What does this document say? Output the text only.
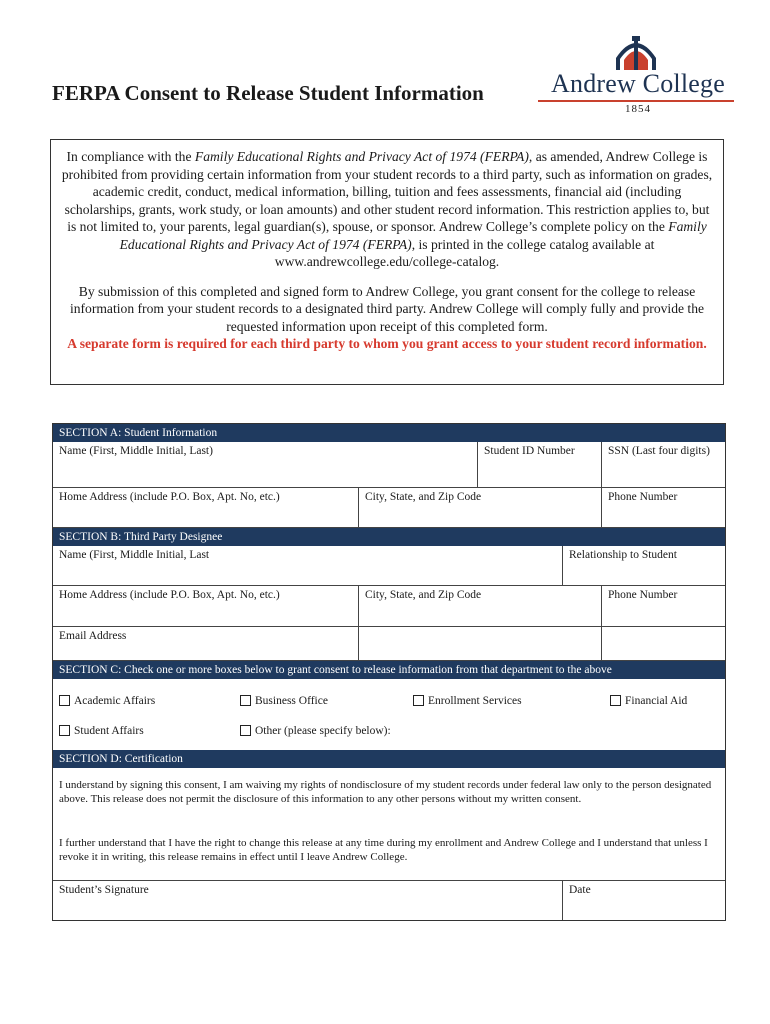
FERPA Consent to Release Student Information	Andrew College
1854

In compliance with the Family Educational Rights and Privacy Act of 1974 (FERPA), as amended, Andrew College is prohibited from providing certain information from your student records to a third party, such as information on grades, academic credit, conduct, medical information, billing, tuition and fees assessments, financial aid (including scholarships, grants, work study, or loan amounts) and other student record information. This restriction applies to, but is not limited to, your parents, legal guardian(s), spouse, or sponsor. Andrew College’s complete policy on the Family Educational Rights and Privacy Act of 1974 (FERPA), is printed in the college catalog available at www.andrewcollege.edu/college-catalog.

By submission of this completed and signed form to Andrew College, you grant consent for the college to release information from your student records to a designated third party. Andrew College will comply fully and provide the requested information upon receipt of this completed form.
A separate form is required for each third party to whom you grant access to your student record information.

SECTION A: Student Information
Name (First, Middle Initial, Last)	Student ID Number	SSN (Last four digits)
Home Address (include P.O. Box, Apt. No, etc.)	City, State, and Zip Code	Phone Number
SECTION B: Third Party Designee
Name (First, Middle Initial, Last	Relationship to Student
Home Address (include P.O. Box, Apt. No, etc.)	City, State, and Zip Code	Phone Number
Email Address
SECTION C: Check one or more boxes below to grant consent to release information from that department to the above
Academic Affairs	Business Office	Enrollment Services	Financial Aid
Student Affairs	Other (please specify below):
SECTION D: Certification
I understand by signing this consent, I am waiving my rights of nondisclosure of my student records under federal law only to the person designated above. This release does not permit the disclosure of this information to any other persons without my written consent.
I further understand that I have the right to change this release at any time during my enrollment and Andrew College and I understand that unless I revoke it in writing, this release remains in effect until I leave Andrew College.
Student’s Signature	Date
